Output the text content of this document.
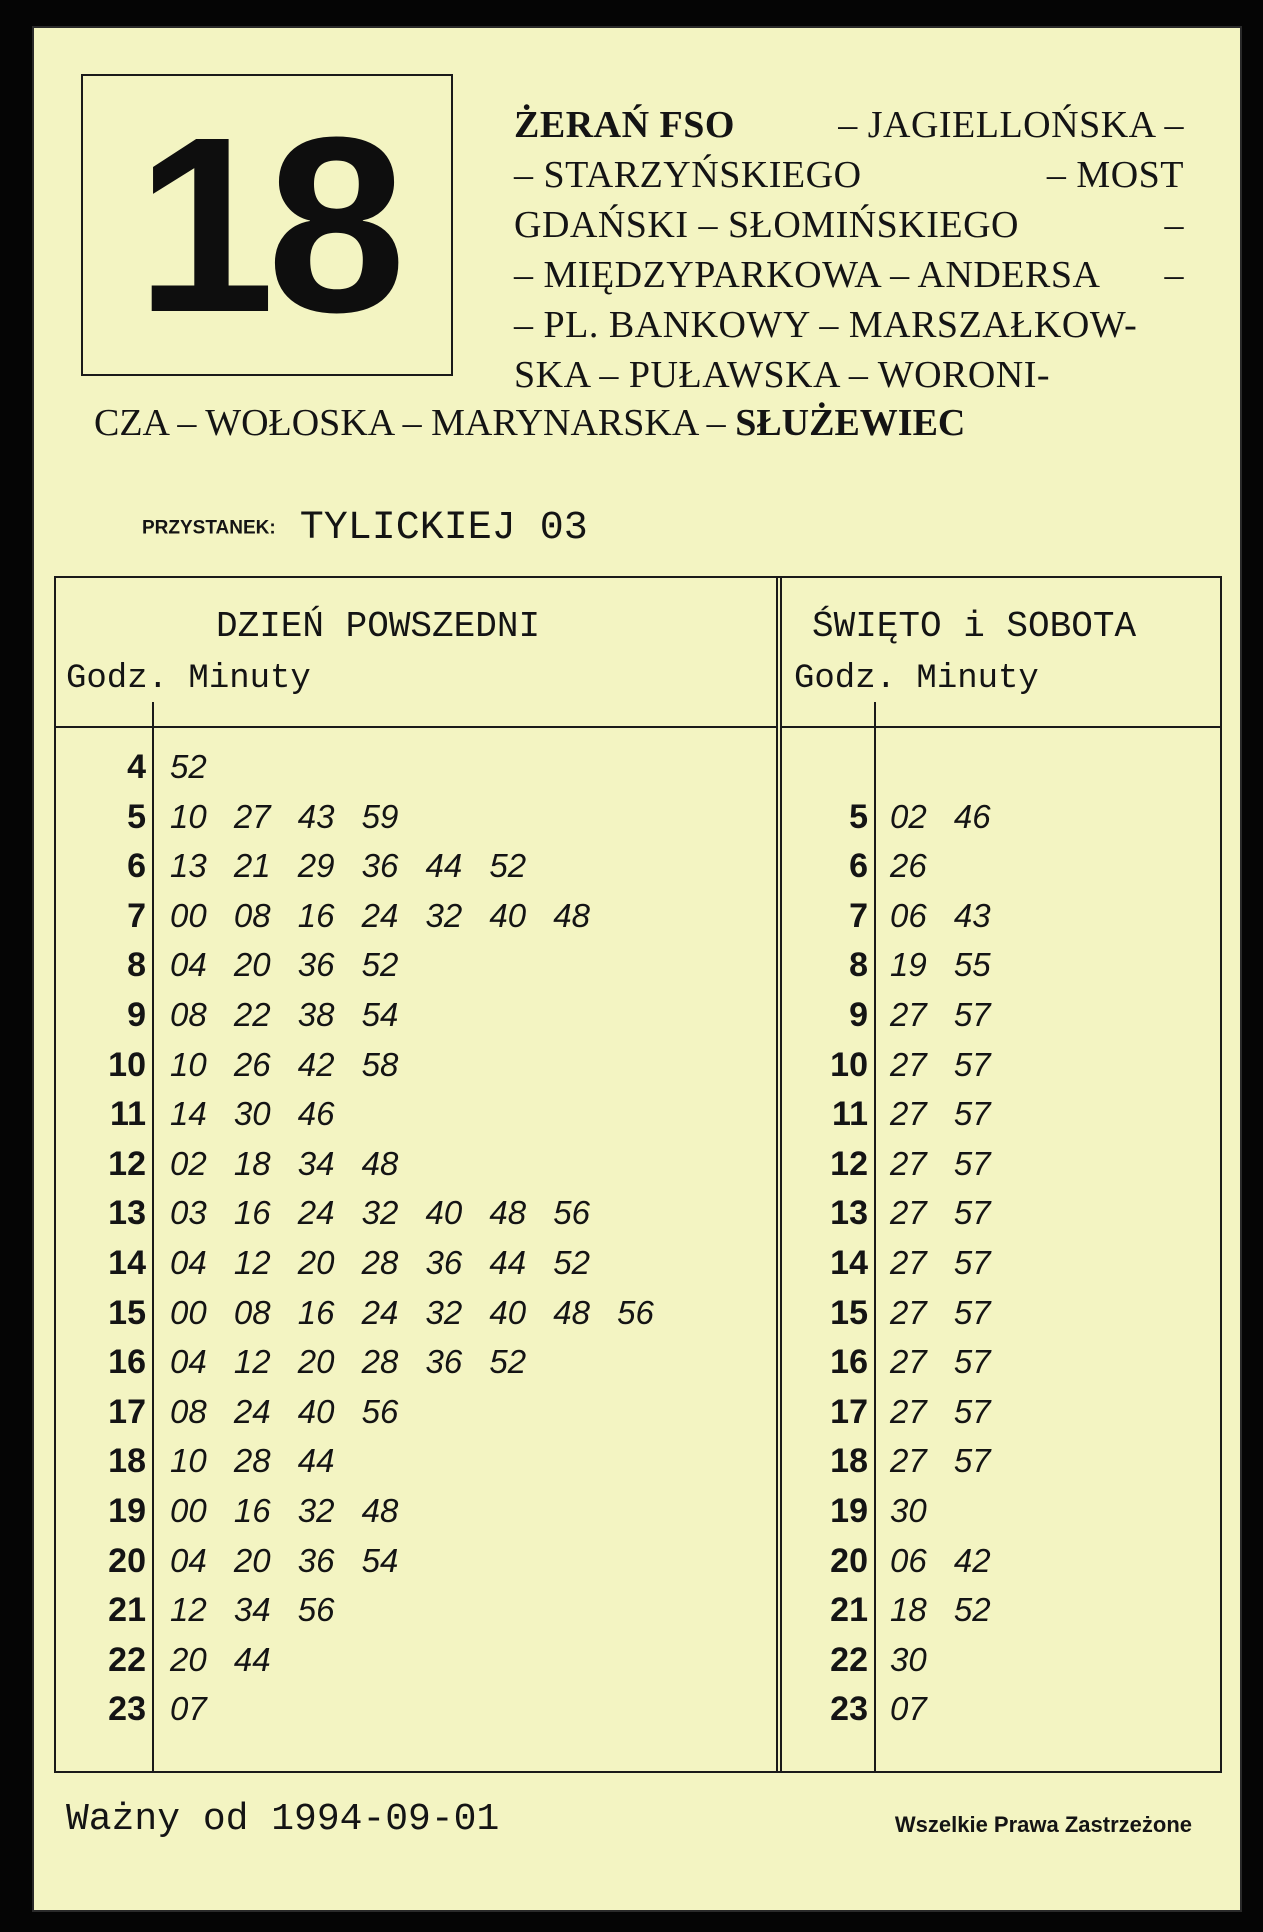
18	ŻERAŃ FSO	– JAGIELLOŃSKA –
– STARZYŃSKIEGO	– MOST
GDAŃSKI – SŁOMIŃSKIEGO	–
– MIĘDZYPARKOWA – ANDERSA –
– PL. BANKOWY – MARSZAŁKOW-
SKA – PUŁAWSKA – WORONI-
CZA – WOŁOSKA – MARYNARSKA – SŁUŻEWIEC
PRZYSTANEK: TYLICKIEJ 03
DZIEŃ POWSZEDNI
Godz. Minuty
ŚWIĘTO i SOBOTA
Godz. Minuty
4 52
5 10 27 43 59
6 13 21 29 36 44 52
7 00 08 16 24 32 40 48
8 04 20 36 52
9 08 22 38 54
10 10 26 42 58
11 14 30 46
12 02 18 34 48
13 03 16 24 32 40 48 56
14 04 12 20 28 36 44 52
15 00 08 16 24 32 40 48 56
16 04 12 20 28 36 52
17 08 24 40 56
18 10 28 44
19 00 16 32 48
20 04 20 36 54
21 12 34 56
22 20 44
23 07
5 02 46
6 26
7 06 43
8 19 55
9 27 57
10 27 57
11 27 57
12 27 57
13 27 57
14 27 57
15 27 57
16 27 57
17 27 57
18 27 57
19 30
20 06 42
21 18 52
22 30
23 07
Ważny od 1994-09-01	Wszelkie Prawa Zastrzeżone
